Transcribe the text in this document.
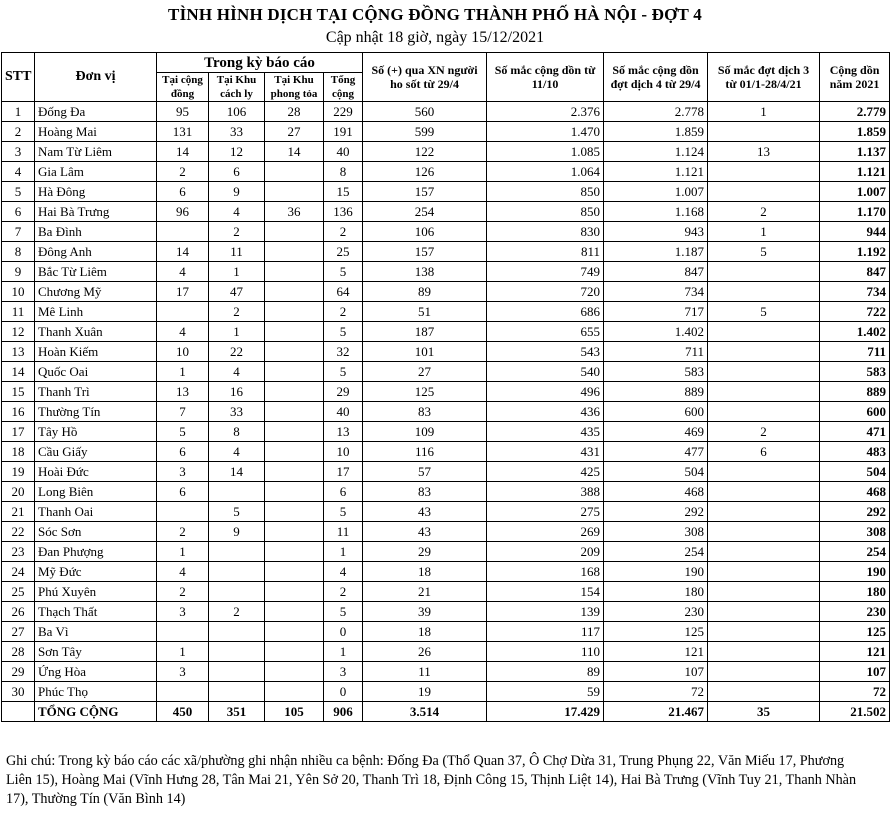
TÌNH HÌNH DỊCH TẠI CỘNG ĐỒNG THÀNH PHỐ HÀ NỘI - ĐỢT 4
Cập nhật 18 giờ, ngày 15/12/2021
STT	Đơn vị	Trong kỳ báo cáo				Số (+) qua XN người ho sốt từ 29/4	Số mắc cộng dồn từ 11/10	Số mắc cộng dồn đợt dịch 4 từ 29/4	Số mắc đợt dịch 3 từ 01/1-28/4/21	Cộng dồn năm 2021
		Tại cộng đồng	Tại Khu cách ly	Tại Khu phong tỏa	Tổng cộng					
1	Đống Đa	95	106	28	229	560	2.376	2.778	1	2.779
2	Hoàng Mai	131	33	27	191	599	1.470	1.859		1.859
3	Nam Từ Liêm	14	12	14	40	122	1.085	1.124	13	1.137
4	Gia Lâm	2	6		8	126	1.064	1.121		1.121
5	Hà Đông	6	9		15	157	850	1.007		1.007
6	Hai Bà Trưng	96	4	36	136	254	850	1.168	2	1.170
7	Ba Đình		2		2	106	830	943	1	944
8	Đông Anh	14	11		25	157	811	1.187	5	1.192
9	Bắc Từ Liêm	4	1		5	138	749	847		847
10	Chương Mỹ	17	47		64	89	720	734		734
11	Mê Linh		2		2	51	686	717	5	722
12	Thanh Xuân	4	1		5	187	655	1.402		1.402
13	Hoàn Kiếm	10	22		32	101	543	711		711
14	Quốc Oai	1	4		5	27	540	583		583
15	Thanh Trì	13	16		29	125	496	889		889
16	Thường Tín	7	33		40	83	436	600		600
17	Tây Hồ	5	8		13	109	435	469	2	471
18	Cầu Giấy	6	4		10	116	431	477	6	483
19	Hoài Đức	3	14		17	57	425	504		504
20	Long Biên	6			6	83	388	468		468
21	Thanh Oai		5		5	43	275	292		292
22	Sóc Sơn	2	9		11	43	269	308		308
23	Đan Phượng	1			1	29	209	254		254
24	Mỹ Đức	4			4	18	168	190		190
25	Phú Xuyên	2			2	21	154	180		180
26	Thạch Thất	3	2		5	39	139	230		230
27	Ba Vì				0	18	117	125		125
28	Sơn Tây	1			1	26	110	121		121
29	Ứng Hòa	3			3	11	89	107		107
30	Phúc Thọ				0	19	59	72		72
	TỔNG CỘNG	450	351	105	906	3.514	17.429	21.467	35	21.502
Ghi chú: Trong kỳ báo cáo các xã/phường ghi nhận nhiều ca bệnh: Đống Đa (Thổ Quan 37, Ô Chợ Dừa 31, Trung Phụng 22, Văn Miếu 17, Phương Liên 15), Hoàng Mai (Vĩnh Hưng 28, Tân Mai 21, Yên Sở 20, Thanh Trì 18, Định Công 15, Thịnh Liệt 14), Hai Bà Trưng (Vĩnh Tuy 21, Thanh Nhàn 17), Thường Tín (Văn Bình 14)
